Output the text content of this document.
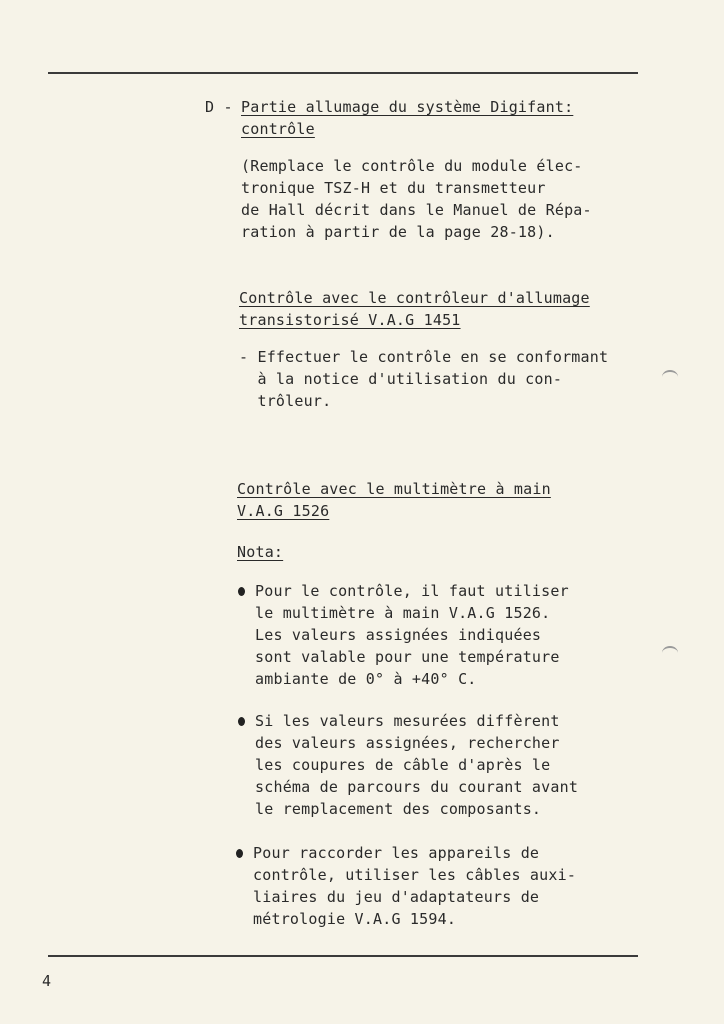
D - Partie allumage du système Digifant:
contrôle
(Remplace le contrôle du module élec-
tronique TSZ-H et du transmetteur
de Hall décrit dans le Manuel de Répa-
ration à partir de la page 28-18).
Contrôle avec le contrôleur d'allumage
transistorisé V.A.G 1451
- Effectuer le contrôle en se conformant
à la notice d'utilisation du con-
trôleur.
Contrôle avec le multimètre à main
V.A.G 1526
Nota:
Pour le contrôle, il faut utiliser
le multimètre à main V.A.G 1526.
Les valeurs assignées indiquées
sont valable pour une température
ambiante de 0° à +40° C.
Si les valeurs mesurées diffèrent
des valeurs assignées, rechercher
les coupures de câble d'après le
schéma de parcours du courant avant
le remplacement des composants.
Pour raccorder les appareils de
contrôle, utiliser les câbles auxi-
liaires du jeu d'adaptateurs de
métrologie V.A.G 1594.
4
